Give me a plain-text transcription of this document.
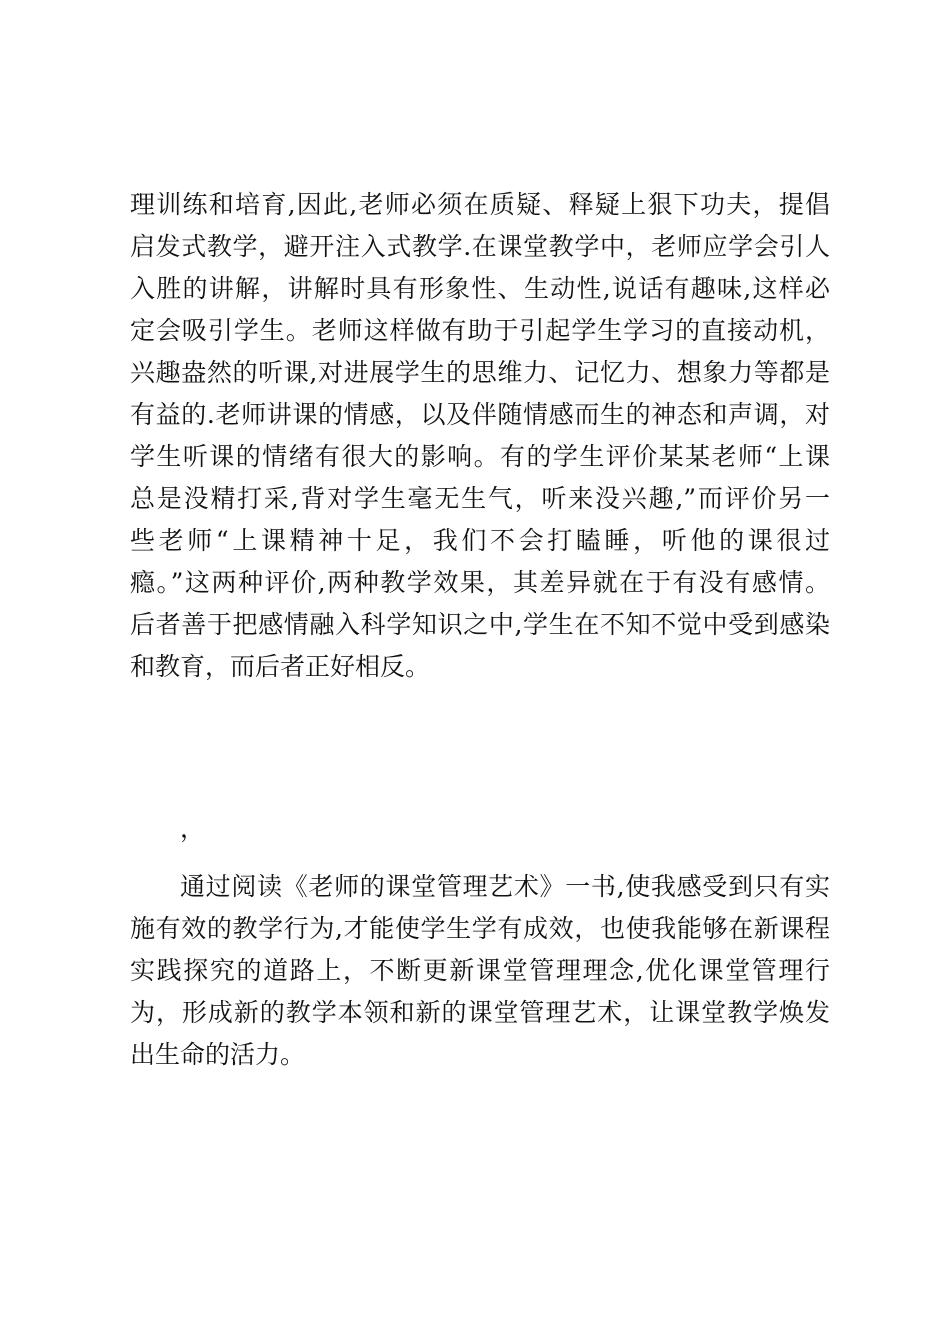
理训练和培育,因此,老师必须在质疑、释疑上狠下功夫，提倡
启发式教学，避开注入式教学.在课堂教学中，老师应学会引人
入胜的讲解，讲解时具有形象性、生动性,说话有趣味,这样必
定会吸引学生。老师这样做有助于引起学生学习的直接动机，
兴趣盎然的听课,对进展学生的思维力、记忆力、想象力等都是
有益的.老师讲课的情感，以及伴随情感而生的神态和声调，对
学生听课的情绪有很大的影响。有的学生评价某某老师“上课
总是没精打采,背对学生毫无生气，听来没兴趣,”而评价另一
些老师“上课精神十足，我们不会打瞌睡，听他的课很过
瘾。”这两种评价,两种教学效果，其差异就在于有没有感情。
后者善于把感情融入科学知识之中,学生在不知不觉中受到感染
和教育，而后者正好相反。
，
通过阅读《老师的课堂管理艺术》一书,使我感受到只有实
施有效的教学行为,才能使学生学有成效，也使我能够在新课程
实践探究的道路上，不断更新课堂管理理念,优化课堂管理行
为，形成新的教学本领和新的课堂管理艺术，让课堂教学焕发
出生命的活力。
